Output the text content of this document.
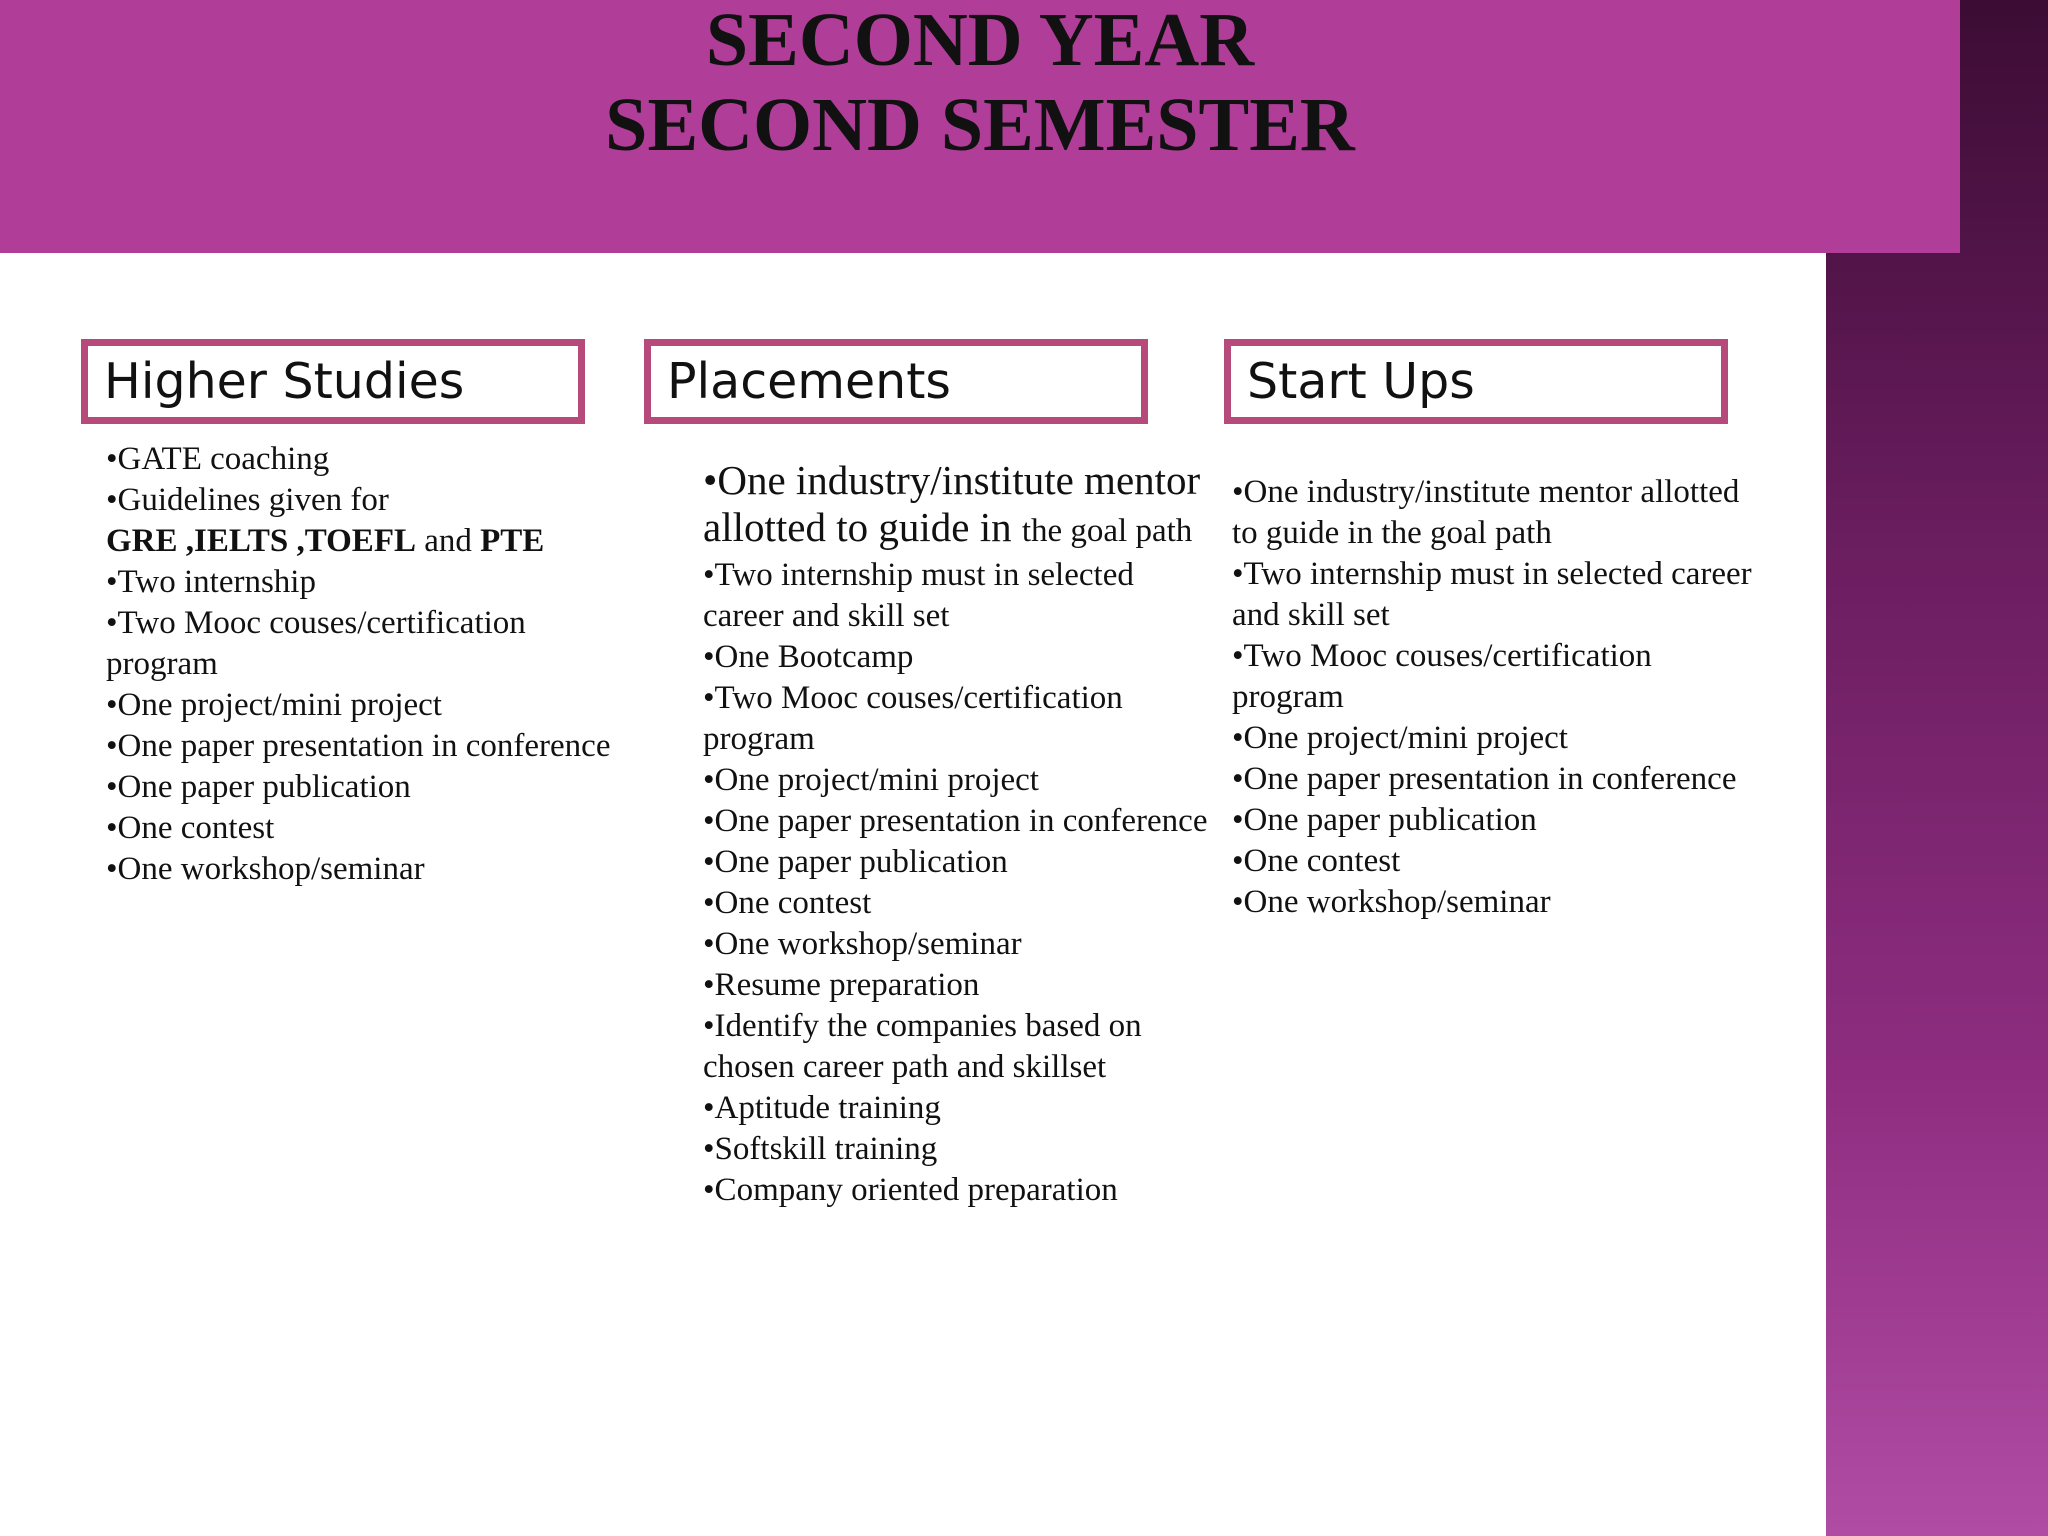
SECOND YEAR
SECOND SEMESTER
Higher Studies	Placements	Start Ups
•GATE coaching
•Guidelines given for
GRE ,IELTS ,TOEFL and PTE
•Two internship
•Two Mooc couses/certification
program
•One project/mini project
•One paper presentation in conference
•One paper publication
•One contest
•One workshop/seminar
•One industry/institute mentor allotted to guide in the goal path
•Two internship must in selected
career and skill set
•One Bootcamp
•Two Mooc couses/certification
program
•One project/mini project
•One paper presentation in conference
•One paper publication
•One contest
•One workshop/seminar
•Resume preparation
•Identify the companies based on
chosen career path and skillset
•Aptitude training
•Softskill training
•Company oriented preparation
•One industry/institute mentor allotted
to guide in the goal path
•Two internship must in selected career
and skill set
•Two Mooc couses/certification
program
•One project/mini project
•One paper presentation in conference
•One paper publication
•One contest
•One workshop/seminar
